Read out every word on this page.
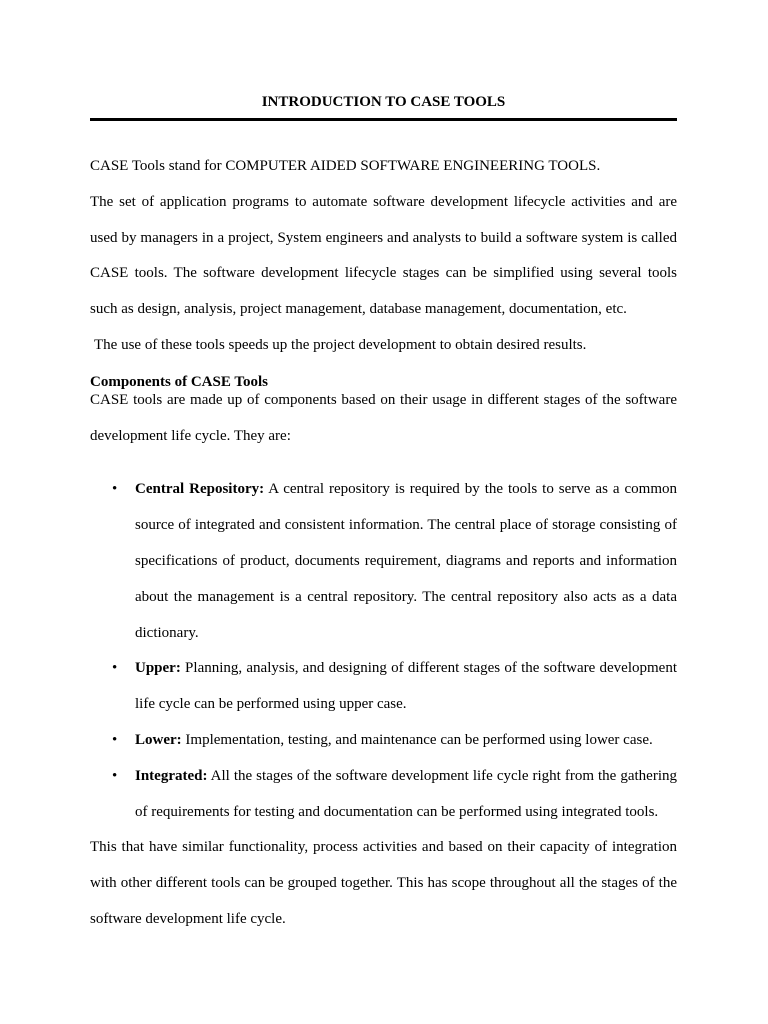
INTRODUCTION TO CASE TOOLS

CASE Tools stand for COMPUTER AIDED SOFTWARE ENGINEERING TOOLS.

The set of application programs to automate software development lifecycle activities and are used by managers in a project, System engineers and analysts to build a software system is called CASE tools. The software development lifecycle stages can be simplified using several tools such as design, analysis, project management, database management, documentation, etc.

The use of these tools speeds up the project development to obtain desired results.

Components of CASE Tools

CASE tools are made up of components based on their usage in different stages of the software development life cycle. They are:

• Central Repository: A central repository is required by the tools to serve as a common source of integrated and consistent information. The central place of storage consisting of specifications of product, documents requirement, diagrams and reports and information about the management is a central repository. The central repository also acts as a data dictionary.
• Upper: Planning, analysis, and designing of different stages of the software development life cycle can be performed using upper case.
• Lower: Implementation, testing, and maintenance can be performed using lower case.
• Integrated: All the stages of the software development life cycle right from the gathering of requirements for testing and documentation can be performed using integrated tools.

This that have similar functionality, process activities and based on their capacity of integration with other different tools can be grouped together. This has scope throughout all the stages of the software development life cycle.
